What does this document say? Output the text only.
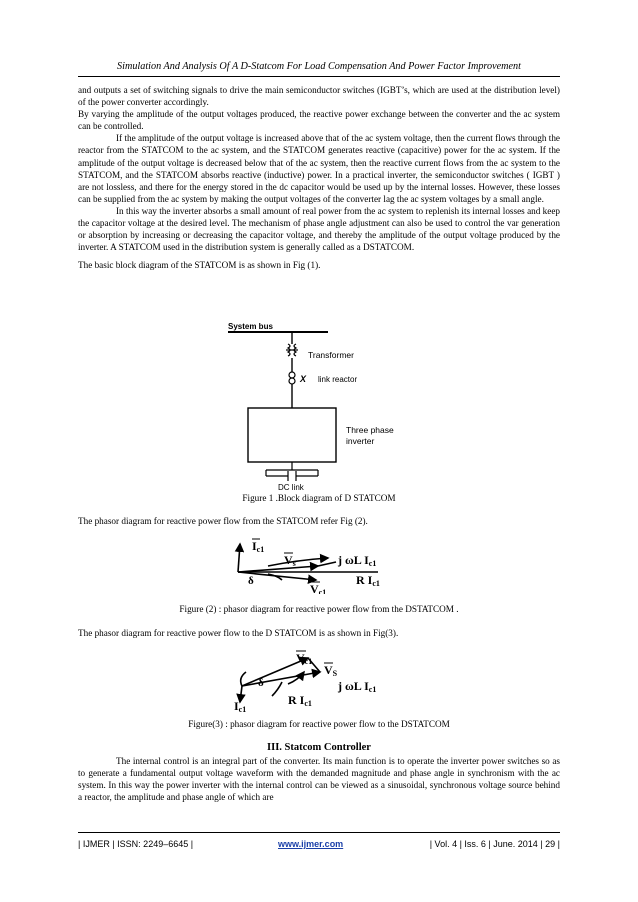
Simulation And Analysis Of A D-Statcom For Load Compensation And Power Factor Improvement

and outputs a set of switching signals to drive the main semiconductor switches (IGBT’s, which are used at the distribution level) of the power converter accordingly.

By varying the amplitude of the output voltages produced, the reactive power exchange between the converter and the ac system can be controlled.

If the amplitude of the output voltage is increased above that of the ac system voltage, then the current flows through the reactor from the STATCOM to the ac system, and the STATCOM generates reactive (capacitive) power for the ac system. If the amplitude of the output voltage is decreased below that of the ac system, then the reactive current flows from the ac system to the STATCOM, and the STATCOM absorbs reactive (inductive) power. In a practical inverter, the semiconductor switches ( IGBT ) are not lossless, and there for the energy stored in the dc capacitor would be used up by the internal losses. However, these losses can be supplied from the ac system by making the output voltages of the converter lag the ac system voltages by a small angle.

In this way the inverter absorbs a small amount of real power from the ac system to replenish its internal losses and keep the capacitor voltage at the desired level. The mechanism of phase angle adjustment can also be used to control the var generation or absorption by increasing or decreasing the capacitor voltage, and thereby the amplitude of the output voltage produced by the inverter. A STATCOM used in the distribution system is generally called as a DSTATCOM.

The basic block diagram of the STATCOM is as shown in Fig (1).

System bus
Transformer
X link reactor
Three phase
inverter
DC link
Figure 1 .Block diagram of D STATCOM
The phasor diagram for reactive power flow from the STATCOM refer Fig (2).
Ic1
Vs	j ωL Ic1
δ	R Ic1
Vc1
Figure (2) : phasor diagram for reactive power flow from the DSTATCOM .
The phasor diagram for reactive power flow to the D STATCOM is as shown in Fig(3).
Vc1
VS
δ	j ωL Ic1
R Ic1
Ic1
Figure(3) : phasor diagram for reactive power flow to the DSTATCOM
III. Statcom Controller

The internal control is an integral part of the converter. Its main function is to operate the inverter power switches so as to generate a fundamental output voltage waveform with the demanded magnitude and phase angle in synchronism with the ac system. In this way the power inverter with the internal control can be viewed as a sinusoidal, synchronous voltage source behind a reactor, the amplitude and phase angle of which are

| IJMER | ISSN: 2249–6645 |	www.ijmer.com	| Vol. 4 | Iss. 6 | June. 2014 | 29 |
